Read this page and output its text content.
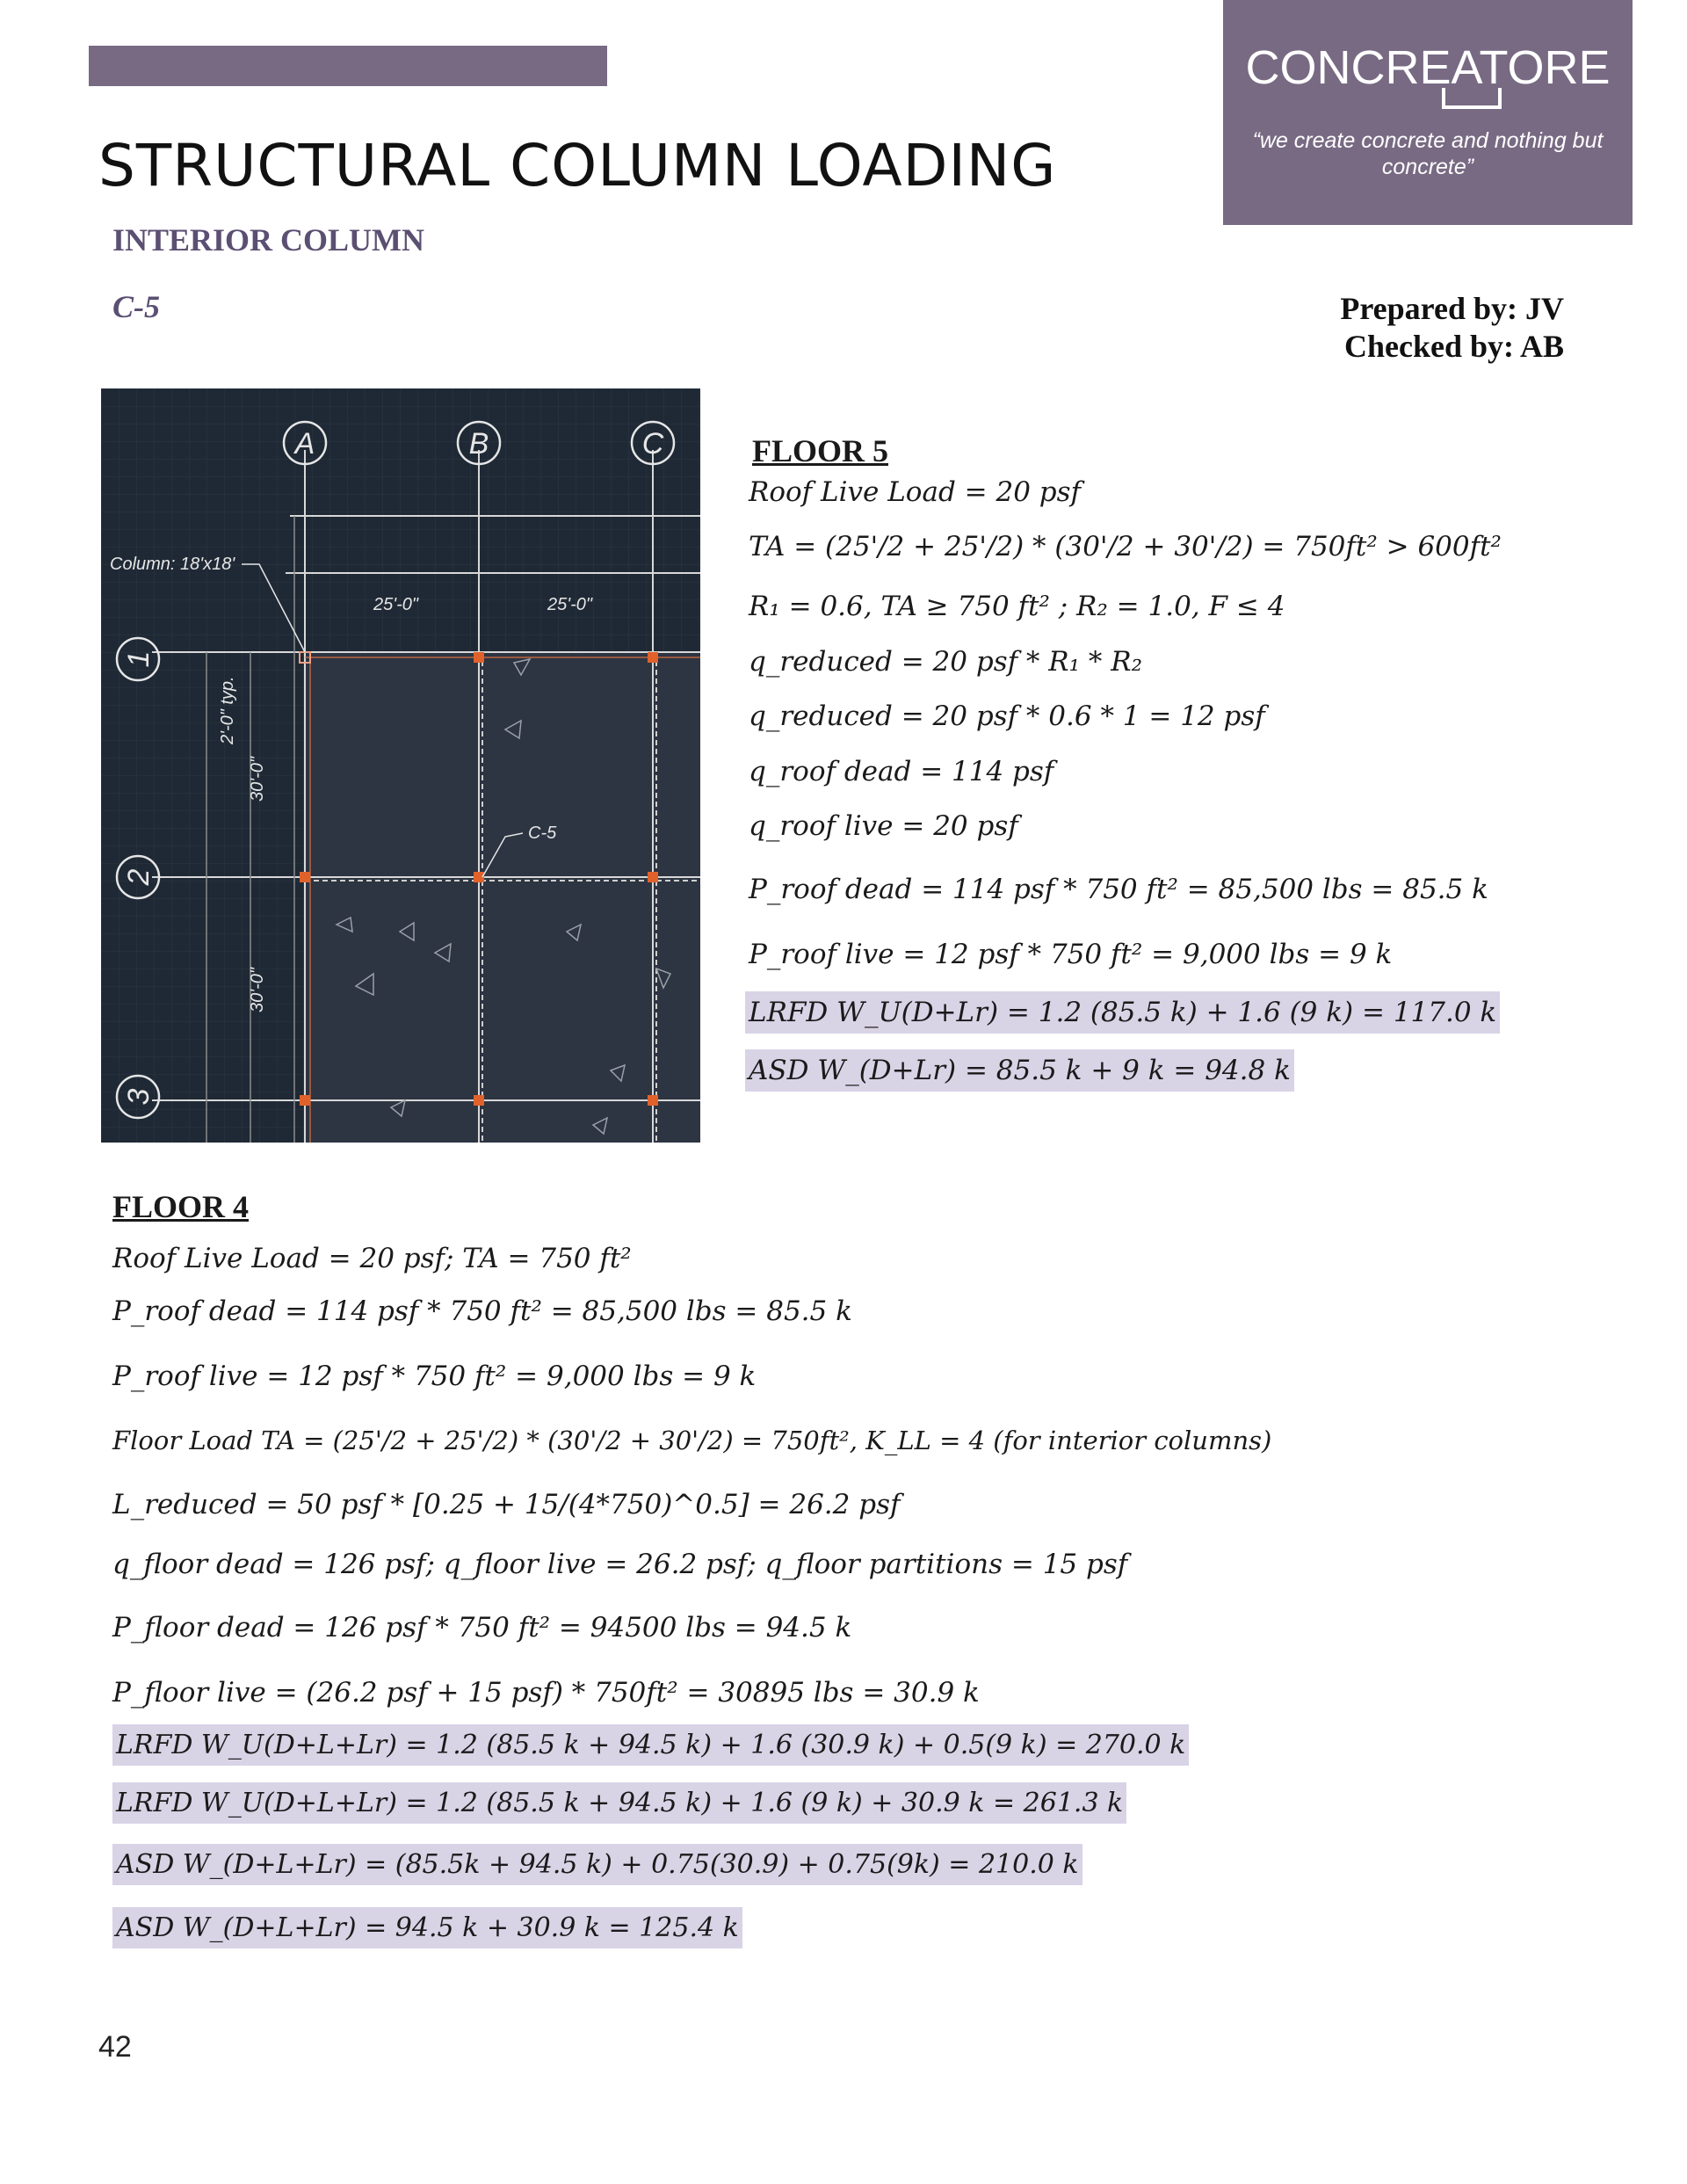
CONCREATORE
“we create concrete and nothing but concrete”
STRUCTURAL COLUMN LOADING
INTERIOR COLUMN
C-5	Prepared by: JV
Checked by: AB
A	B	C
1
2
3
Column: 18'x18'
25'-0"	25'-0"
2'-0" typ.
30'-0"
30'-0"
C-5
FLOOR 5
Roof Live Load = 20 psf
TA = (25'/2 + 25'/2) * (30'/2 + 30'/2) = 750ft² > 600ft²
R₁ = 0.6, TA ≥ 750 ft² ; R₂ = 1.0, F ≤ 4
q_reduced = 20 psf * R₁ * R₂
q_reduced = 20 psf * 0.6 * 1 = 12 psf
q_roof dead = 114 psf
q_roof live = 20 psf
P_roof dead = 114 psf * 750 ft² = 85,500 lbs = 85.5 k
P_roof live = 12 psf * 750 ft² = 9,000 lbs = 9 k
LRFD W_U(D+Lr) = 1.2 (85.5 k) + 1.6 (9 k) = 117.0 k
ASD W_(D+Lr) = 85.5 k + 9 k = 94.8 k
FLOOR 4
Roof Live Load = 20 psf; TA = 750 ft²
P_roof dead = 114 psf * 750 ft² = 85,500 lbs = 85.5 k
P_roof live = 12 psf * 750 ft² = 9,000 lbs = 9 k
Floor Load TA = (25'/2 + 25'/2) * (30'/2 + 30'/2) = 750ft², K_LL = 4 (for interior columns)
L_reduced = 50 psf * [0.25 + 15/(4*750)^0.5] = 26.2 psf
q_floor dead = 126 psf; q_floor live = 26.2 psf; q_floor partitions = 15 psf
P_floor dead = 126 psf * 750 ft² = 94500 lbs = 94.5 k
P_floor live = (26.2 psf + 15 psf) * 750ft² = 30895 lbs = 30.9 k
LRFD W_U(D+L+Lr) = 1.2 (85.5 k + 94.5 k) + 1.6 (30.9 k) + 0.5(9 k) = 270.0 k
LRFD W_U(D+L+Lr) = 1.2 (85.5 k + 94.5 k) + 1.6 (9 k) + 30.9 k = 261.3 k
ASD W_(D+L+Lr) = (85.5k + 94.5 k) + 0.75(30.9) + 0.75(9k) = 210.0 k
ASD W_(D+L+Lr) = 94.5 k + 30.9 k = 125.4 k
42
